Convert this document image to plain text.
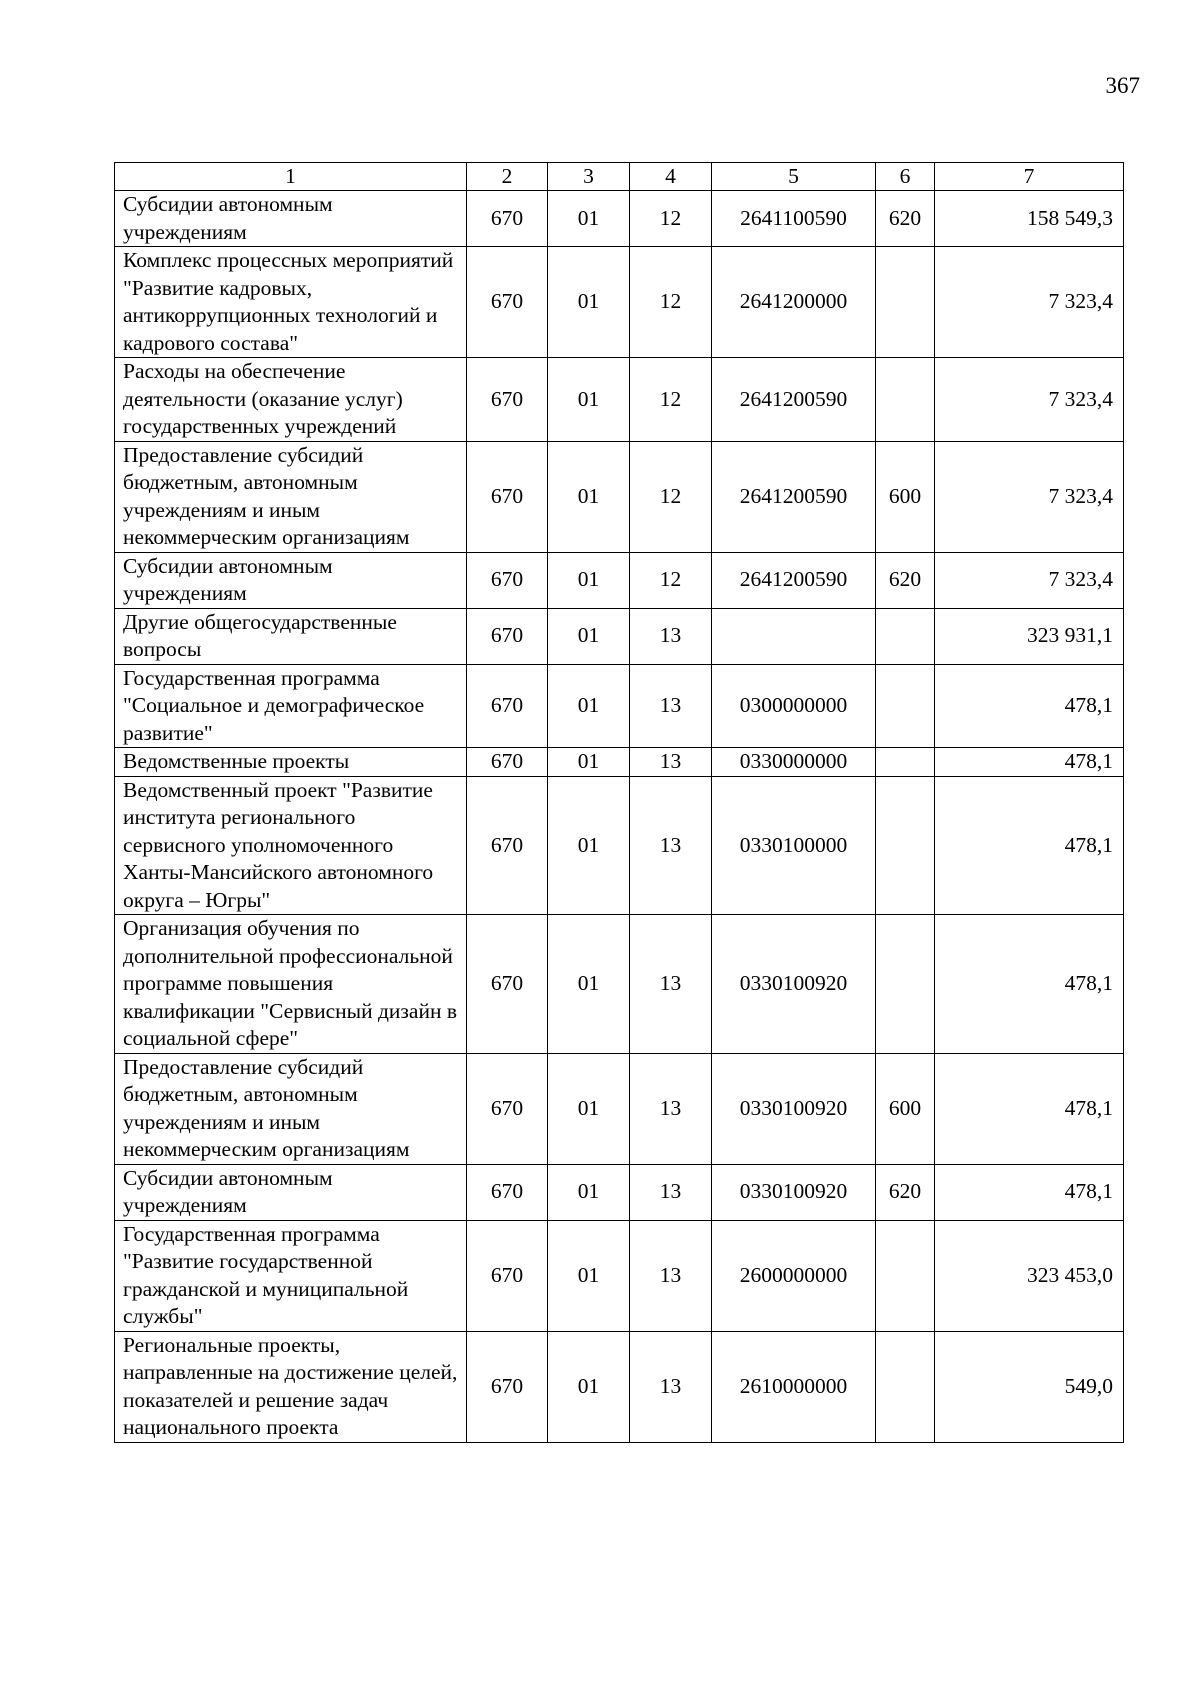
367
1	2	3	4	5	6	7
Субсидии автономным учреждениям	670	01	12	2641100590	620	158 549,3
Комплекс процессных мероприятий "Развитие кадровых, антикоррупционных технологий и кадрового состава"	670	01	12	2641200000		7 323,4
Расходы на обеспечение деятельности (оказание услуг) государственных учреждений	670	01	12	2641200590		7 323,4
Предоставление субсидий бюджетным, автономным учреждениям и иным некоммерческим организациям	670	01	12	2641200590	600	7 323,4
Субсидии автономным учреждениям	670	01	12	2641200590	620	7 323,4
Другие общегосударственные вопросы	670	01	13			323 931,1
Государственная программа "Социальное и демографическое развитие"	670	01	13	0300000000		478,1
Ведомственные проекты	670	01	13	0330000000		478,1
Ведомственный проект "Развитие института регионального сервисного уполномоченного Ханты-Мансийского автономного округа – Югры"	670	01	13	0330100000		478,1
Организация обучения по дополнительной профессиональной программе повышения квалификации "Сервисный дизайн в социальной сфере"	670	01	13	0330100920		478,1
Предоставление субсидий бюджетным, автономным учреждениям и иным некоммерческим организациям	670	01	13	0330100920	600	478,1
Субсидии автономным учреждениям	670	01	13	0330100920	620	478,1
Государственная программа "Развитие государственной гражданской и муниципальной службы"	670	01	13	2600000000		323 453,0
Региональные проекты, направленные на достижение целей, показателей и решение задач национального проекта	670	01	13	2610000000		549,0
